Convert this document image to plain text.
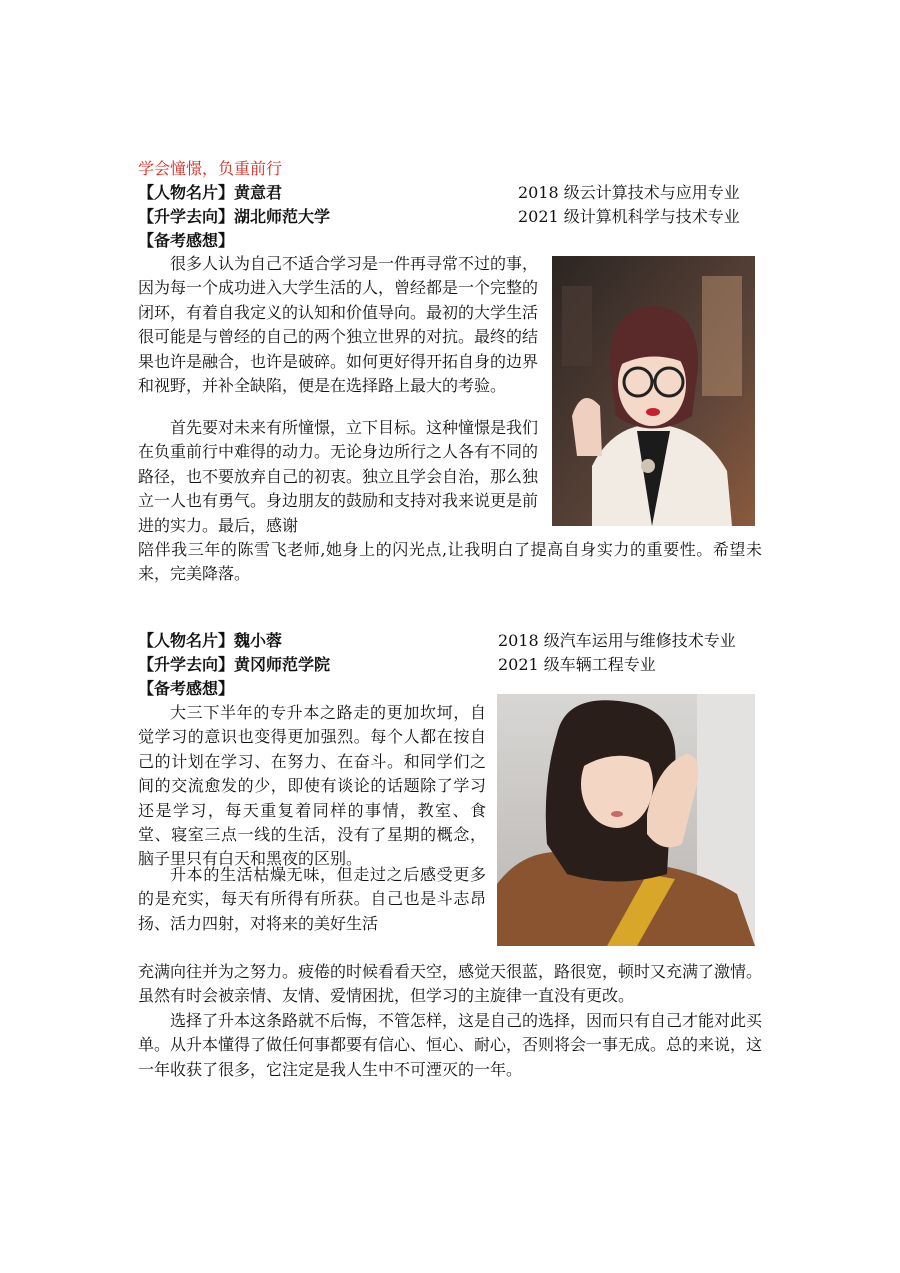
学会憧憬，负重前行
【人物名片】黄意君	2018 级云计算技术与应用专业
【升学去向】湖北师范大学	2021 级计算机科学与技术专业
【备考感想】
很多人认为自己不适合学习是一件再寻常不过的事，因为每一个成功进入大学生活的人，曾经都是一个完整的闭环，有着自我定义的认知和价值导向。最初的大学生活很可能是与曾经的自己的两个独立世界的对抗。最终的结果也许是融合，也许是破碎。如何更好得开拓自身的边界和视野，并补全缺陷，便是在选择路上最大的考验。
首先要对未来有所憧憬，立下目标。这种憧憬是我们在负重前行中难得的动力。无论身边所行之人各有不同的路径，也不要放弃自己的初衷。独立且学会自治，那么独立一人也有勇气。身边朋友的鼓励和支持对我来说更是前进的实力。最后，感谢
陪伴我三年的陈雪飞老师,她身上的闪光点,让我明白了提高自身实力的重要性。希望未来，完美降落。
【人物名片】魏小蓉	2018 级汽车运用与维修技术专业
【升学去向】黄冈师范学院	2021 级车辆工程专业
【备考感想】
大三下半年的专升本之路走的更加坎坷，自觉学习的意识也变得更加强烈。每个人都在按自己的计划在学习、在努力、在奋斗。和同学们之间的交流愈发的少，即使有谈论的话题除了学习还是学习，每天重复着同样的事情，教室、食堂、寝室三点一线的生活，没有了星期的概念，脑子里只有白天和黑夜的区别。
升本的生活枯燥无味，但走过之后感受更多的是充实，每天有所得有所获。自己也是斗志昂扬、活力四射，对将来的美好生活
充满向往并为之努力。疲倦的时候看看天空，感觉天很蓝，路很宽，顿时又充满了激情。虽然有时会被亲情、友情、爱情困扰，但学习的主旋律一直没有更改。
选择了升本这条路就不后悔，不管怎样，这是自己的选择，因而只有自己才能对此买单。从升本懂得了做任何事都要有信心、恒心、耐心，否则将会一事无成。总的来说，这一年收获了很多，它注定是我人生中不可湮灭的一年。
